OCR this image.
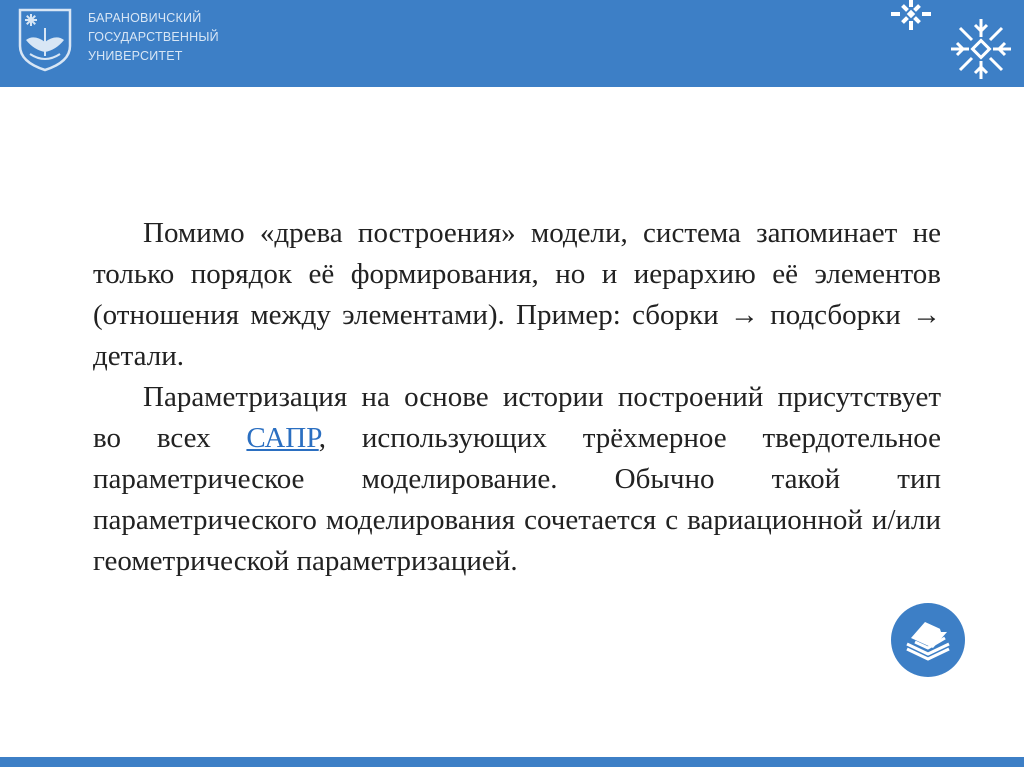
БАРАНОВИЧСКИЙ
ГОСУДАРСТВЕННЫЙ
УНИВЕРСИТЕТ

Помимо «древа построения» модели, система запоминает не только порядок её формирования, но и иерархию её элементов (отношения между элементами). Пример: сборки → подсборки → детали.

Параметризация на основе истории построений присутствует во всех САПР, использующих трёхмерное твердотельное параметрическое моделирование. Обычно такой тип параметрического моделирования сочетается с вариационной и/или геометрической параметризацией.
